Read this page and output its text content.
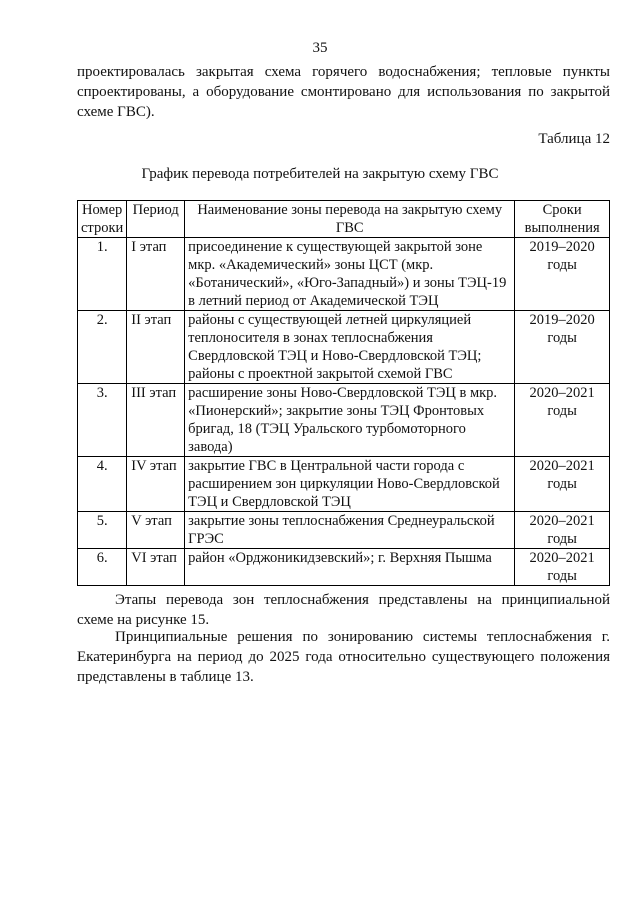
35

проектировалась закрытая схема горячего водоснабжения; тепловые пункты спроектированы, а оборудование смонтировано для использования по закрытой схеме ГВС).

Таблица 12
График перевода потребителей на закрытую схему ГВС
Номер строки	Период	Наименование зоны перевода на закрытую схему ГВС	Сроки выполнения
1.	I этап	присоединение к существующей закрытой зоне мкр. «Академический» зоны ЦСТ (мкр. «Ботанический», «Юго-Западный») и зоны ТЭЦ-19 в летний период от Академической ТЭЦ	2019–2020 годы
2.	II этап	районы с существующей летней циркуляцией теплоносителя в зонах теплоснабжения Свердловской ТЭЦ и Ново-Свердловской ТЭЦ; районы с проектной закрытой схемой ГВС	2019–2020 годы
3.	III этап	расширение зоны Ново-Свердловской ТЭЦ в мкр. «Пионерский»; закрытие зоны ТЭЦ Фронтовых бригад, 18 (ТЭЦ Уральского турбомоторного завода)	2020–2021 годы
4.	IV этап	закрытие ГВС в Центральной части города с расширением зон циркуляции Ново-Свердловской ТЭЦ и Свердловской ТЭЦ	2020–2021 годы
5.	V этап	закрытие зоны теплоснабжения Среднеуральской ГРЭС	2020–2021 годы
6.	VI этап	район «Орджоникидзевский»; г. Верхняя Пышма	2020–2021 годы

Этапы перевода зон теплоснабжения представлены на принципиальной схеме на рисунке 15.

Принципиальные решения по зонированию системы теплоснабжения г. Екатеринбурга на период до 2025 года относительно существующего положения представлены в таблице 13.
